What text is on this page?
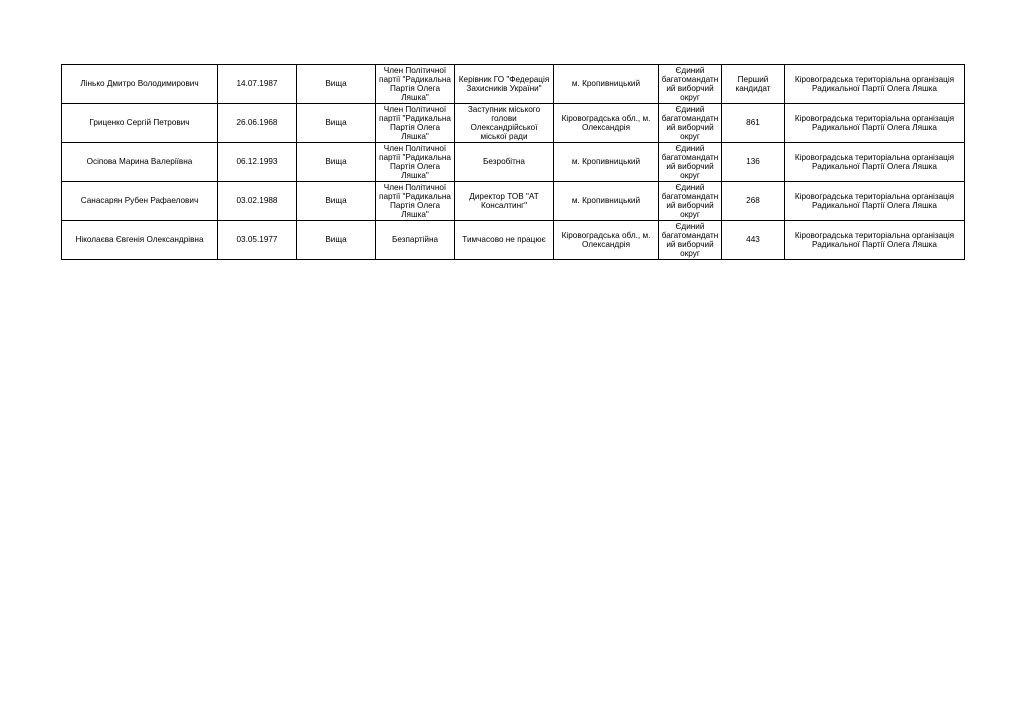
Лінько Дмитро Володимирович	14.07.1987	Вища	Член Політичної партії "Радикальна Партія Олега Ляшка"	Керівник ГО "Федерація Захисників України"	м. Кропивницький	Єдиний багатомандатний виборчий округ	Перший кандидат	Кіровоградська територіальна організація Радикальної Партії Олега Ляшка
Гриценко Сергій Петрович	26.06.1968	Вища	Член Політичної партії "Радикальна Партія Олега Ляшка"	Заступник міського голови Олександрійської міської ради	Кіровоградська обл., м. Олександрія	Єдиний багатомандатний виборчий округ	861	Кіровоградська територіальна організація Радикальної Партії Олега Ляшка
Осіпова Марина Валеріївна	06.12.1993	Вища	Член Політичної партії "Радикальна Партія Олега Ляшка"	Безробітна	м. Кропивницький	Єдиний багатомандатний виборчий округ	136	Кіровоградська територіальна організація Радикальної Партії Олега Ляшка
Санасарян Рубен Рафаелович	03.02.1988	Вища	Член Політичної партії "Радикальна Партія Олега Ляшка"	Директор ТОВ "АТ Консалтинг"	м. Кропивницький	Єдиний багатомандатний виборчий округ	268	Кіровоградська територіальна організація Радикальної Партії Олега Ляшка
Ніколаєва Євгенія Олександрівна	03.05.1977	Вища	Безпартійна	Тимчасово не працює	Кіровоградська обл., м. Олександрія	Єдиний багатомандатний виборчий округ	443	Кіровоградська територіальна організація Радикальної Партії Олега Ляшка
